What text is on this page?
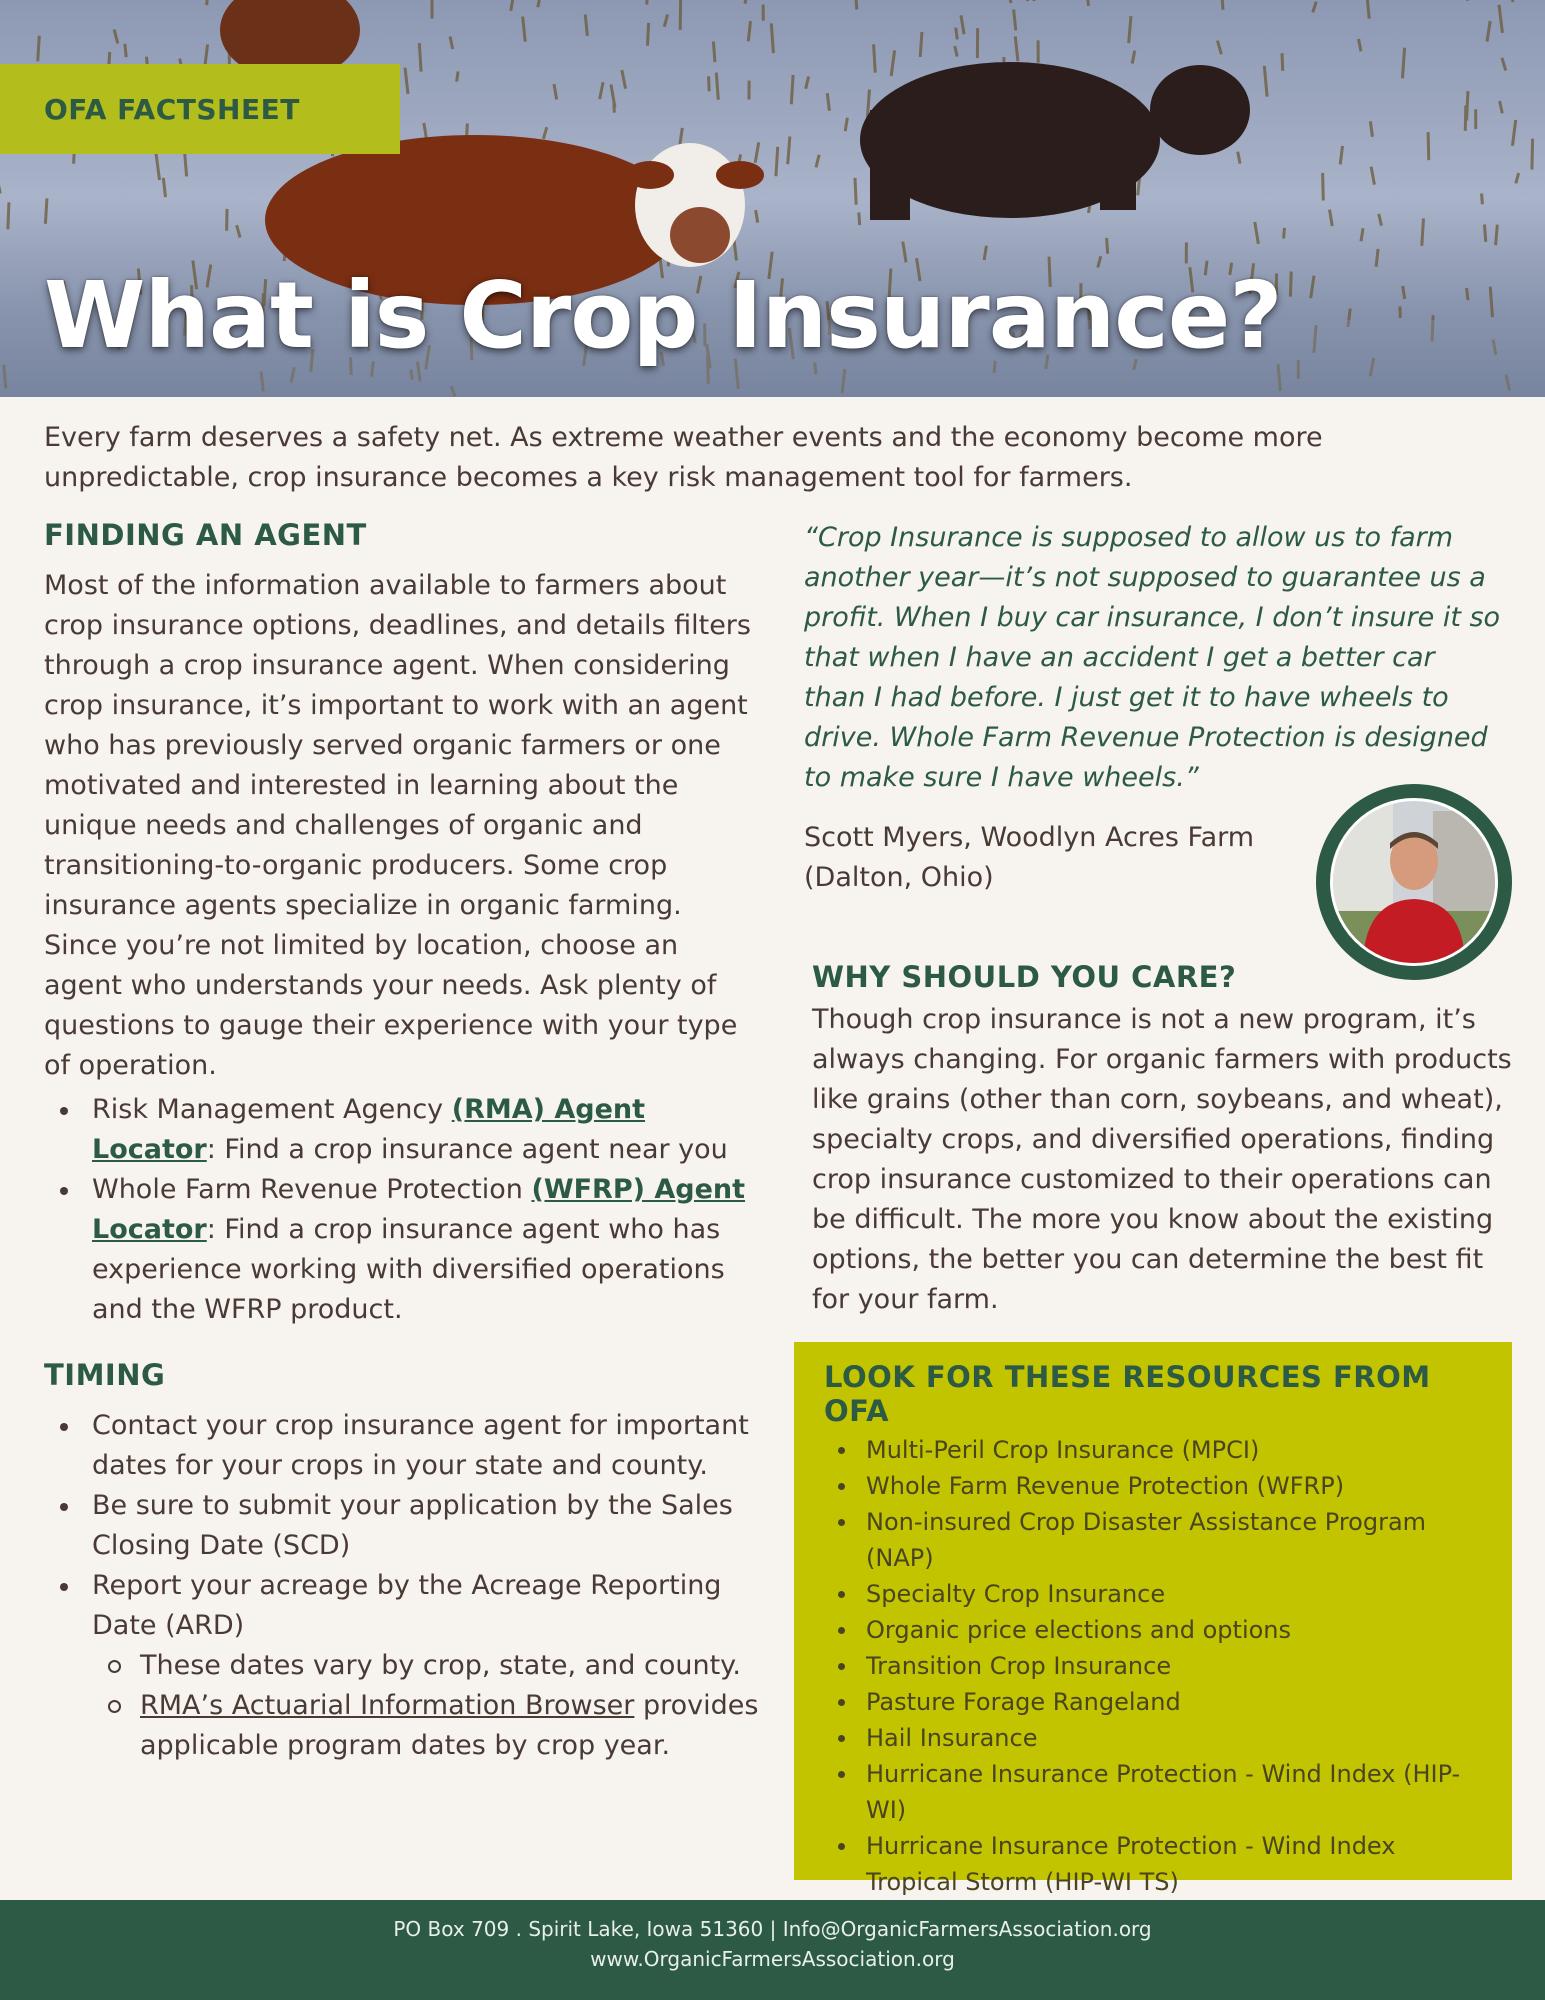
OFA FACTSHEET
What is Crop Insurance?

Every farm deserves a safety net. As extreme weather events and the economy become more unpredictable, crop insurance becomes a key risk management tool for farmers.

FINDING AN AGENT

Most of the information available to farmers about crop insurance options, deadlines, and details filters through a crop insurance agent. When considering crop insurance, it’s important to work with an agent who has previously served organic farmers or one motivated and interested in learning about the unique needs and challenges of organic and transitioning-to-organic producers. Some crop insurance agents specialize in organic farming. Since you’re not limited by location, choose an agent who understands your needs. Ask plenty of questions to gauge their experience with your type of operation.

Risk Management Agency (RMA) Agent Locator: Find a crop insurance agent near you
Whole Farm Revenue Protection (WFRP) Agent Locator: Find a crop insurance agent who has experience working with diversified operations and the WFRP product.
TIMING
Contact your crop insurance agent for important dates for your crops in your state and county.
Be sure to submit your application by the Sales Closing Date (SCD)
Report your acreage by the Acreage Reporting Date (ARD)
These dates vary by crop, state, and county.
RMA’s Actuarial Information Browser provides applicable program dates by crop year.

“Crop Insurance is supposed to allow us to farm another year—it’s not supposed to guarantee us a profit. When I buy car insurance, I don’t insure it so that when I have an accident I get a better car than I had before. I just get it to have wheels to drive. Whole Farm Revenue Protection is designed to make sure I have wheels.”

Scott Myers, Woodlyn Acres Farm
(Dalton, Ohio)
WHY SHOULD YOU CARE?

Though crop insurance is not a new program, it’s always changing. For organic farmers with products like grains (other than corn, soybeans, and wheat), specialty crops, and diversified operations, finding crop insurance customized to their operations can be difficult. The more you know about the existing options, the better you can determine the best fit for your farm.

LOOK FOR THESE RESOURCES FROM OFA
Multi-Peril Crop Insurance (MPCI)
Whole Farm Revenue Protection (WFRP)
Non-insured Crop Disaster Assistance Program (NAP)
Specialty Crop Insurance
Organic price elections and options
Transition Crop Insurance
Pasture Forage Rangeland
Hail Insurance
Hurricane Insurance Protection - Wind Index (HIP-WI)
Hurricane Insurance Protection - Wind Index Tropical Storm (HIP-WI TS)
PO Box 709 . Spirit Lake, Iowa 51360 | Info@OrganicFarmersAssociation.org
www.OrganicFarmersAssociation.org
